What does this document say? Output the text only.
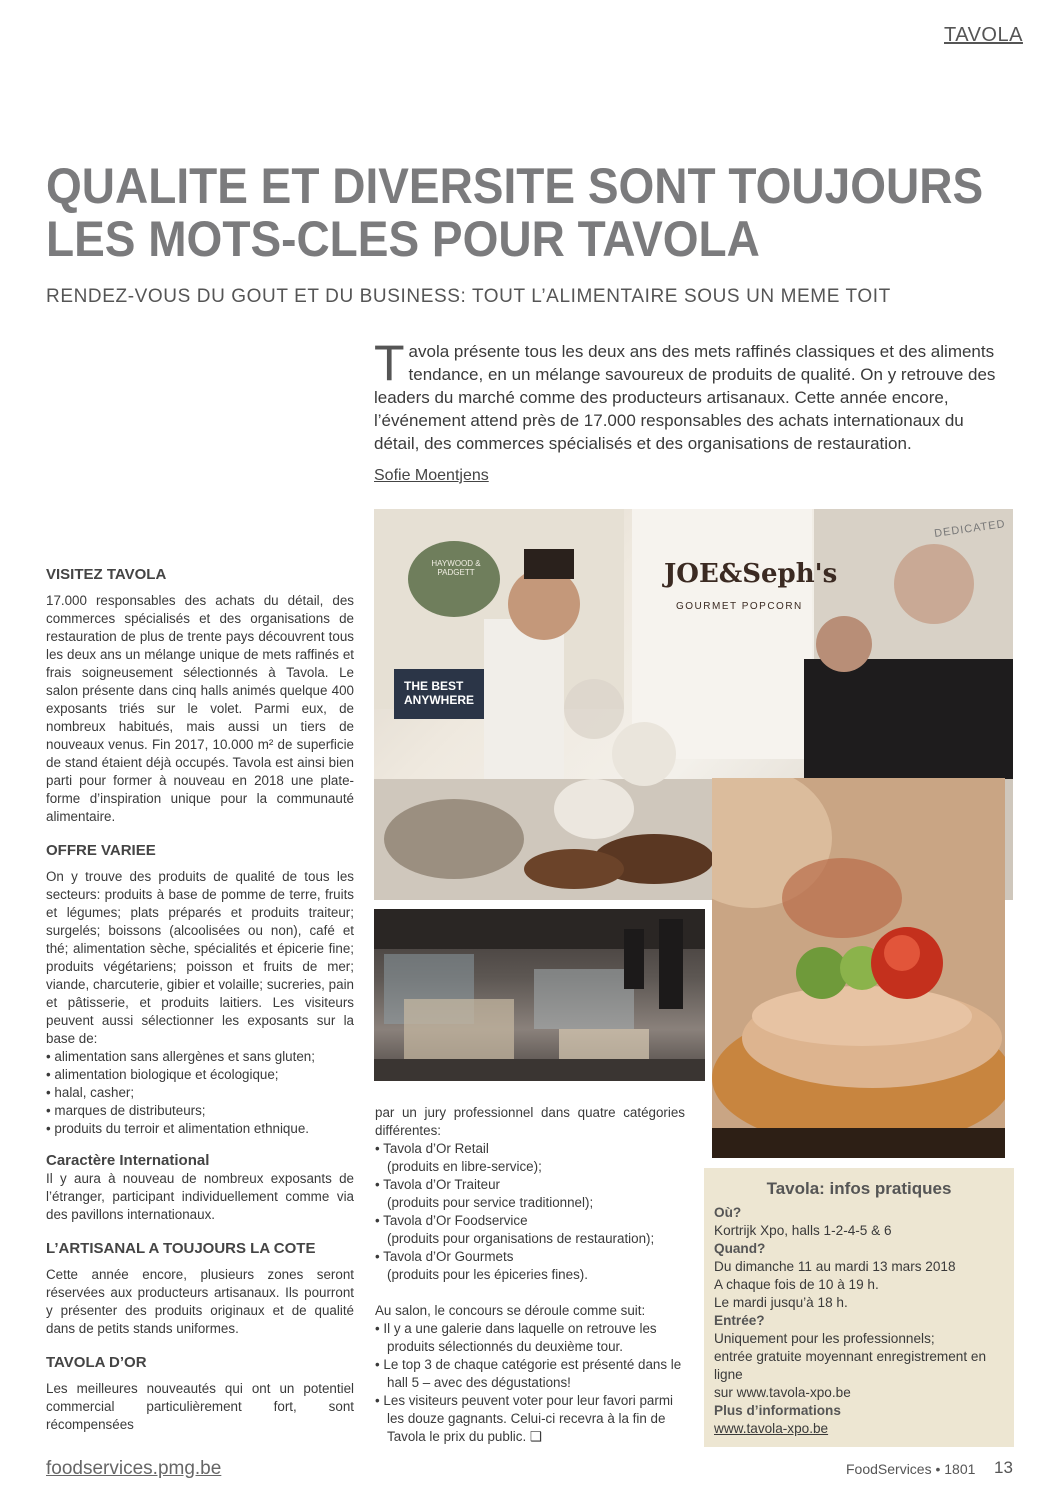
TAVOLA
QUALITE ET DIVERSITE SONT TOUJOURS
LES MOTS-CLES POUR TAVOLA
RENDEZ-VOUS DU GOUT ET DU BUSINESS: TOUT L’ALIMENTAIRE SOUS UN MEME TOIT
Tavola présente tous les deux ans des mets raffinés classiques et des aliments tendance, en un mélange savoureux de produits de qualité. On y retrouve des leaders du marché comme des producteurs artisanaux. Cette année encore, l’événement attend près de 17.000 responsables des achats internationaux du détail, des commerces spécialisés et des organisations de restauration.
Sofie Moentjens
VISITEZ TAVOLA

17.000 responsables des achats du détail, des commerces spécialisés et des organisations de restauration de plus de trente pays découvrent tous les deux ans un mélange unique de mets raffinés et frais soigneusement sélectionnés à Tavola. Le salon présente dans cinq halls animés quelque 400 exposants triés sur le volet. Parmi eux, de nombreux habitués, mais aussi un tiers de nouveaux venus. Fin 2017, 10.000 m² de superficie de stand étaient déjà occupés. Tavola est ainsi bien parti pour former à nouveau en 2018 une plate-forme d’inspiration unique pour la communauté alimentaire.

OFFRE VARIEE

On y trouve des produits de qualité de tous les secteurs: produits à base de pomme de terre, fruits et légumes; plats préparés et produits traiteur; surgelés; boissons (alcoolisées ou non), café et thé; alimentation sèche, spécialités et épicerie fine; produits végétariens; poisson et fruits de mer; viande, charcuterie, gibier et volaille; sucreries, pain et pâtisserie, et produits laitiers. Les visiteurs peuvent aussi sélectionner les exposants sur la base de:

• alimentation sans allergènes et sans gluten;
• alimentation biologique et écologique;
• halal, casher;
• marques de distributeurs;
• produits du terroir et alimentation ethnique.
Caractère International

Il y aura à nouveau de nombreux exposants de l’étranger, participant individuellement comme via des pavillons internationaux.

L’ARTISANAL A TOUJOURS LA COTE

Cette année encore, plusieurs zones seront réservées aux producteurs artisanaux. Ils pourront y présenter des produits originaux et de qualité dans de petits stands uniformes.

TAVOLA D’OR

Les meilleures nouveautés qui ont un potentiel commercial particulièrement fort, sont récompensées

JOE&Seph's
GOURMET POPCORN
HAYWOOD & PADGETT
THE BEST ANYWHERE
DEDICATED

par un jury professionnel dans quatre catégories différentes:

• Tavola d’Or Retail
(produits en libre-service);
• Tavola d’Or Traiteur
(produits pour service traditionnel);
• Tavola d’Or Foodservice
(produits pour organisations de restauration);
• Tavola d’Or Gourmets
(produits pour les épiceries fines).

Au salon, le concours se déroule comme suit:

• Il y a une galerie dans laquelle on retrouve les produits sélectionnés du deuxième tour.
• Le top 3 de chaque catégorie est présenté dans le hall 5 – avec des dégustations!
• Les visiteurs peuvent voter pour leur favori parmi les douze gagnants. Celui-ci recevra à la fin de Tavola le prix du public. ❑
Tavola: infos pratiques
Où?
Kortrijk Xpo, halls 1-2-4-5 & 6
Quand?
Du dimanche 11 au mardi 13 mars 2018
A chaque fois de 10 à 19 h.
Le mardi jusqu’à 18 h.
Entrée?
Uniquement pour les professionnels;
entrée gratuite moyennant enregistrement en ligne
sur www.tavola-xpo.be
Plus d’informations
www.tavola-xpo.be
foodservices.pmg.be	FoodServices • 1801 13
